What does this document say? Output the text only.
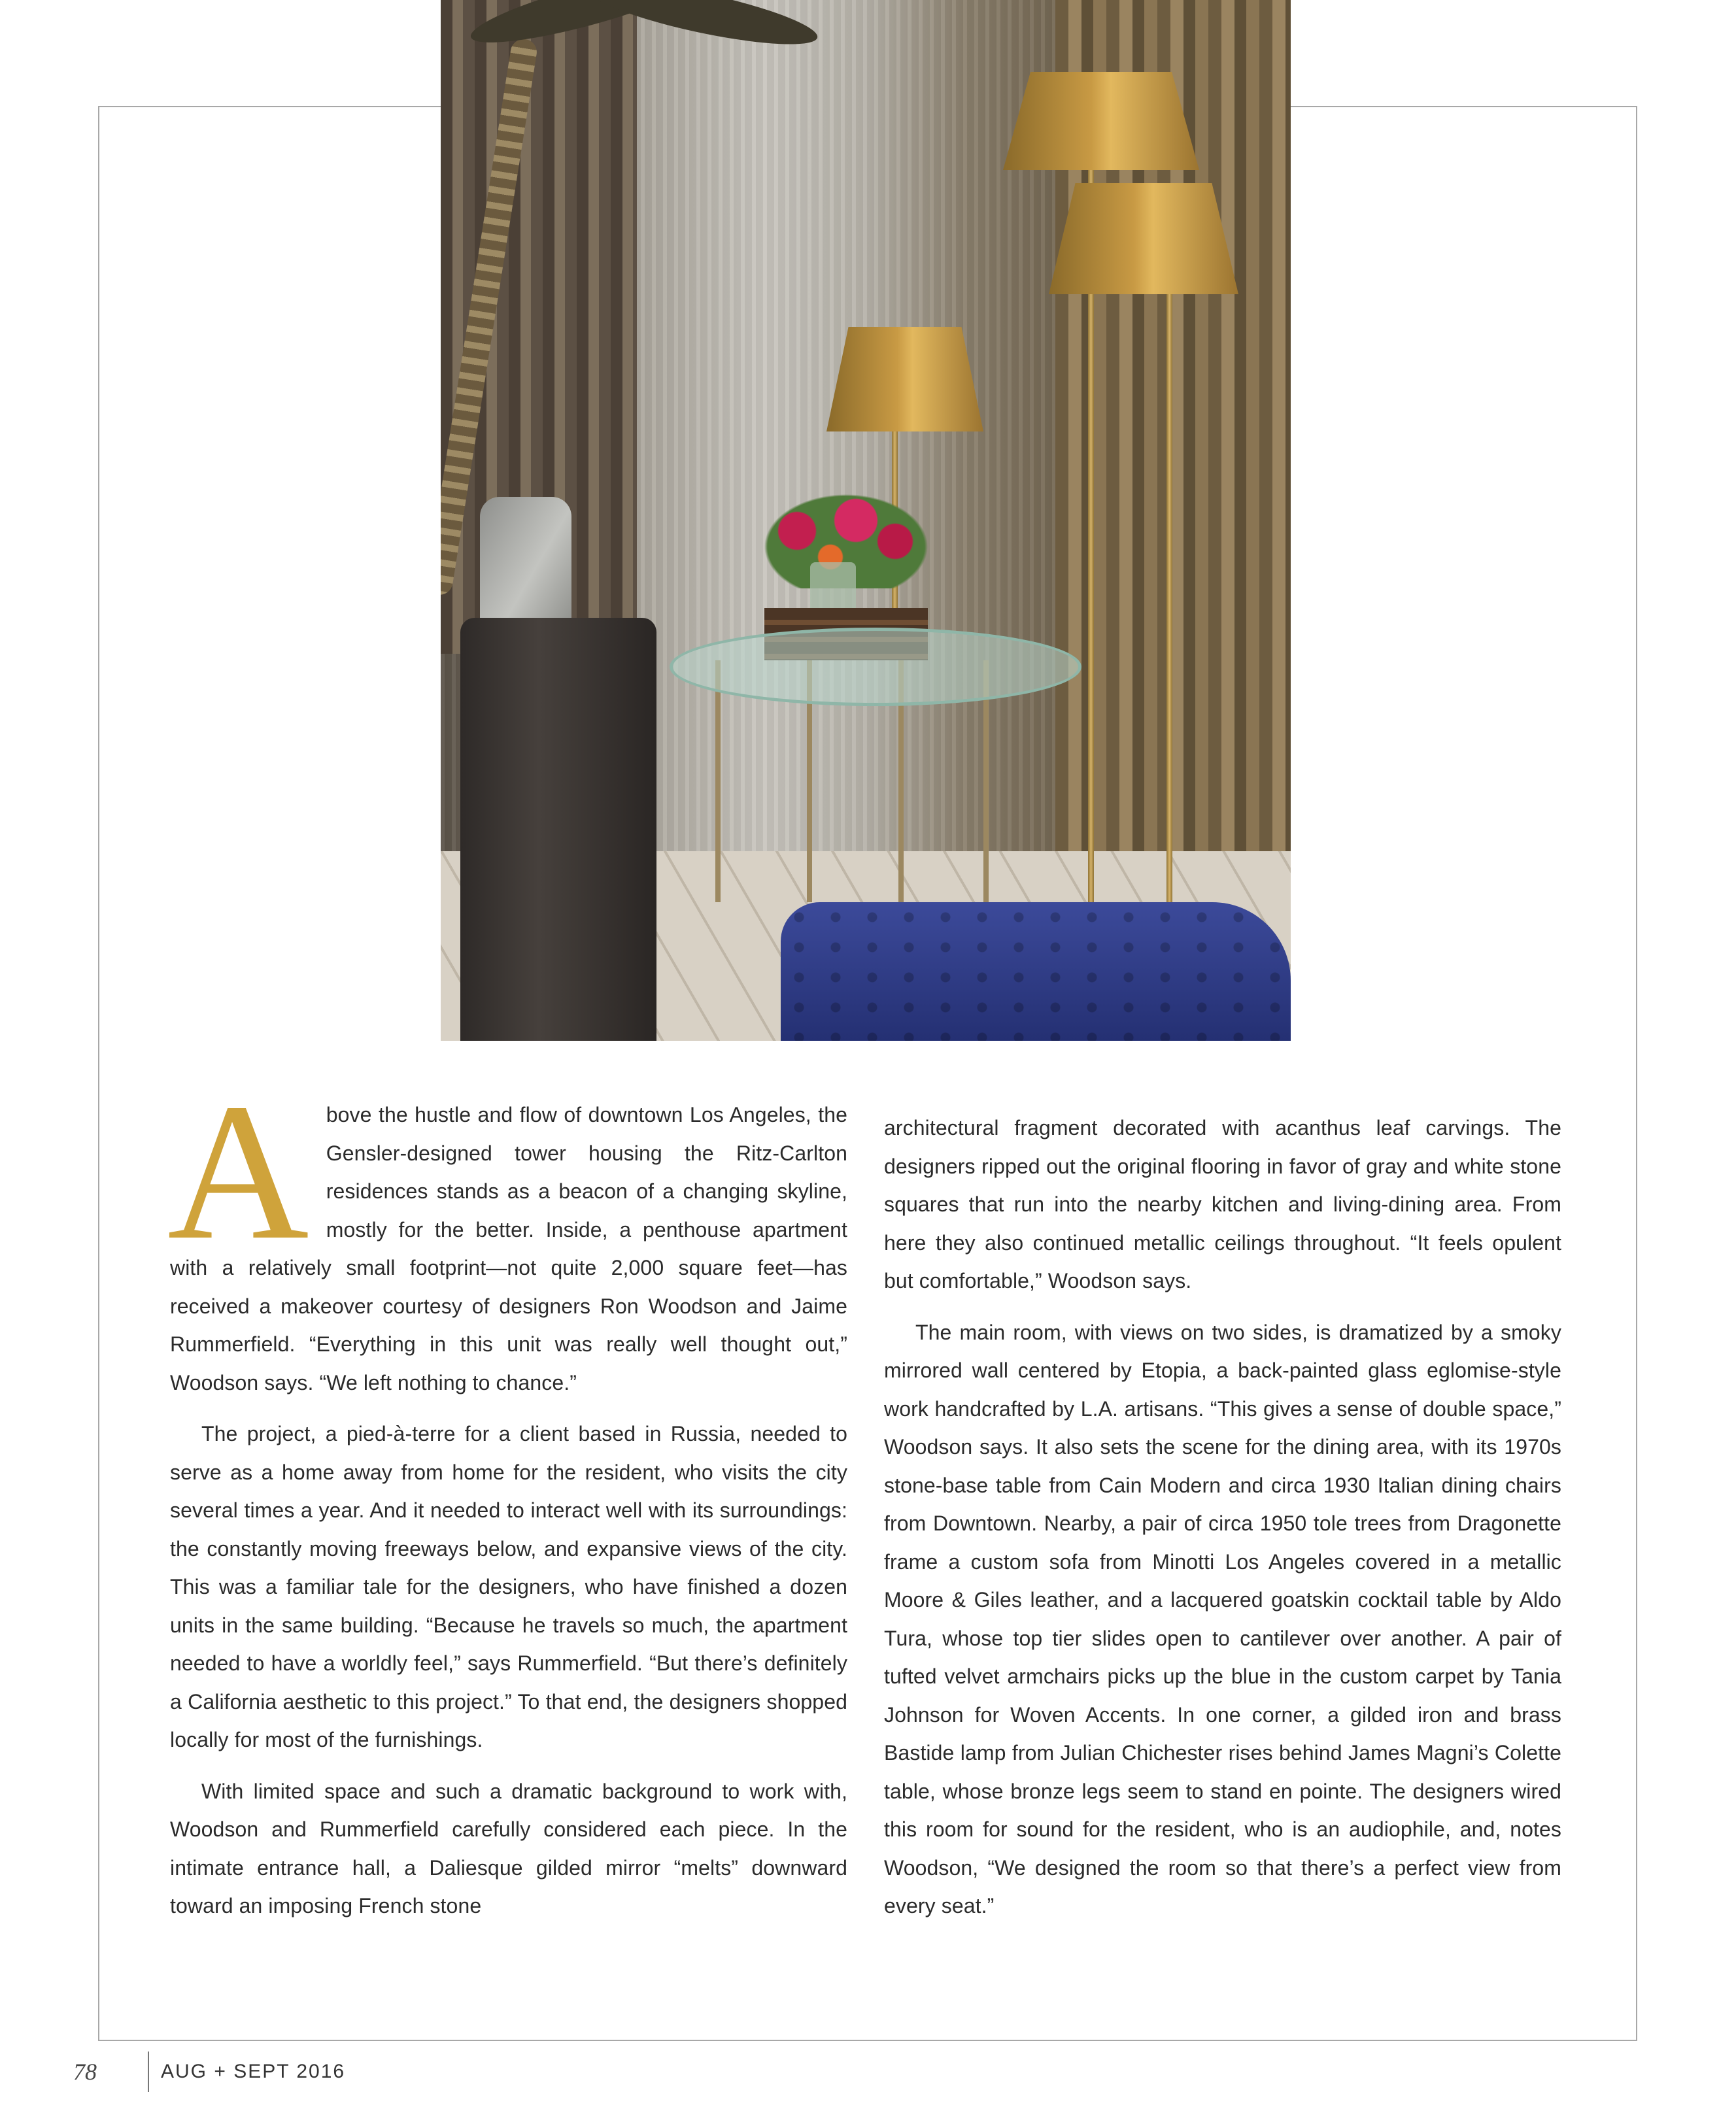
A bove the hustle and flow of downtown Los Angeles, the Gensler-designed tower housing the Ritz-Carlton residences stands as a beacon of a changing skyline, mostly for the better. Inside, a penthouse apartment with a relatively small footprint—not quite 2,000 square feet—has received a makeover courtesy of designers Ron Woodson and Jaime Rummerfield. “Everything in this unit was really well thought out,” Woodson says. “We left nothing to chance.”

The project, a pied-à-terre for a client based in Russia, needed to serve as a home away from home for the resident, who visits the city several times a year. And it needed to interact well with its surroundings: the constantly moving freeways below, and expansive views of the city. This was a familiar tale for the designers, who have finished a dozen units in the same building. “Because he travels so much, the apartment needed to have a worldly feel,” says Rummerfield. “But there’s definitely a California aesthetic to this project.” To that end, the designers shopped locally for most of the furnishings.

With limited space and such a dramatic background to work with, Woodson and Rummerfield carefully considered each piece. In the intimate entrance hall, a Daliesque gilded mirror “melts” downward toward an imposing French stone

architectural fragment decorated with acanthus leaf carvings. The designers ripped out the original flooring in favor of gray and white stone squares that run into the nearby kitchen and living-dining area. From here they also continued metallic ceilings throughout. “It feels opulent but comfortable,” Woodson says.

The main room, with views on two sides, is dramatized by a smoky mirrored wall centered by Etopia, a back-painted glass eglomise-style work handcrafted by L.A. artisans. “This gives a sense of double space,” Woodson says. It also sets the scene for the dining area, with its 1970s stone-base table from Cain Modern and circa 1930 Italian dining chairs from Downtown. Nearby, a pair of circa 1950 tole trees from Dragonette frame a custom sofa from Minotti Los Angeles covered in a metallic Moore & Giles leather, and a lacquered goatskin cocktail table by Aldo Tura, whose top tier slides open to cantilever over another. A pair of tufted velvet armchairs picks up the blue in the custom carpet by Tania Johnson for Woven Accents. In one corner, a gilded iron and brass Bastide lamp from Julian Chichester rises behind James Magni’s Colette table, whose bronze legs seem to stand en pointe. The designers wired this room for sound for the resident, who is an audiophile, and, notes Woodson, “We designed the room so that there’s a perfect view from every seat.”

78	AUG + SEPT 2016
